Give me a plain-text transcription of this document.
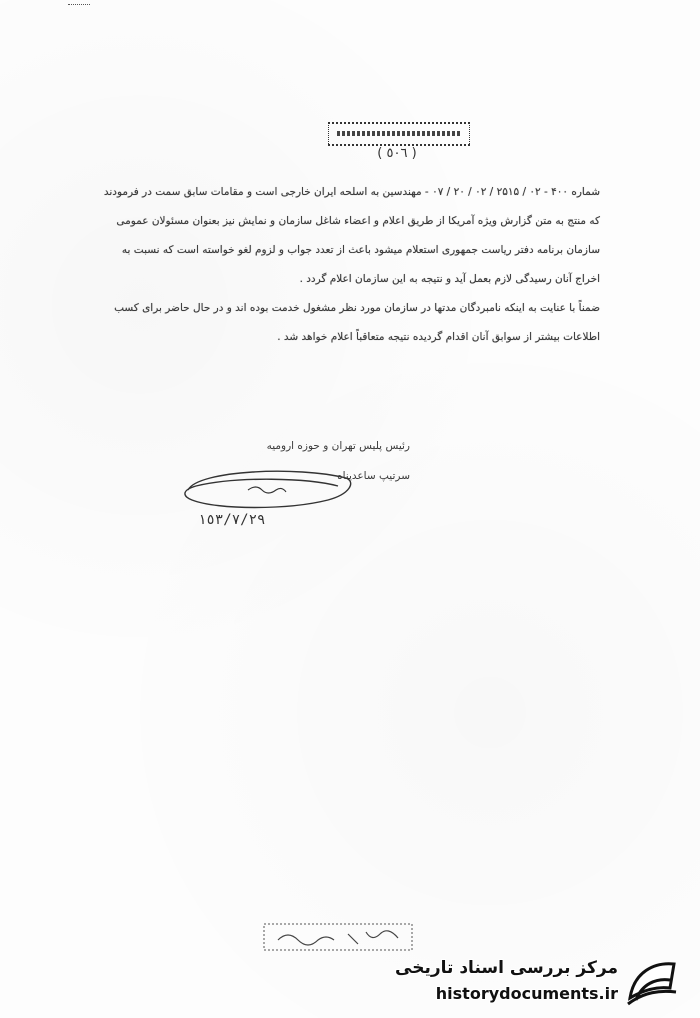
( ٥٠٦ )

شماره ۴۰۰ - ۰۲ / ۲۵۱۵ / ۰۲ / ۲۰ / ۰۷ - مهندسین به اسلحه ایران خارجی است و مقامات سابق سمت در فرمودند که منتج به متن گزارش ویژه آمریکا از طریق اعلام و اعضاء شاغل سازمان و نمایش نیز بعنوان مسئولان عمومی سازمان برنامه دفتر ریاست جمهوری استعلام میشود باعث از تعدد جواب و لزوم لغو خواسته است که نسبت به اخراج آنان رسیدگی لازم بعمل آید و نتیجه به این سازمان اعلام گردد .

ضمناً با عنایت به اینکه نامبردگان مدتها در سازمان مورد نظر مشغول خدمت بوده اند و در حال حاضر برای کسب اطلاعات بیشتر از سوابق آنان اقدام گردیده نتیجه متعاقباً اعلام خواهد شد .

رئیس پلیس تهران و حوزه ارومیه
سرتیپ ساعدپناه
١٥٣/٧/٢٩
مرکز بررسی اسناد تاریخی
historydocuments.ir
